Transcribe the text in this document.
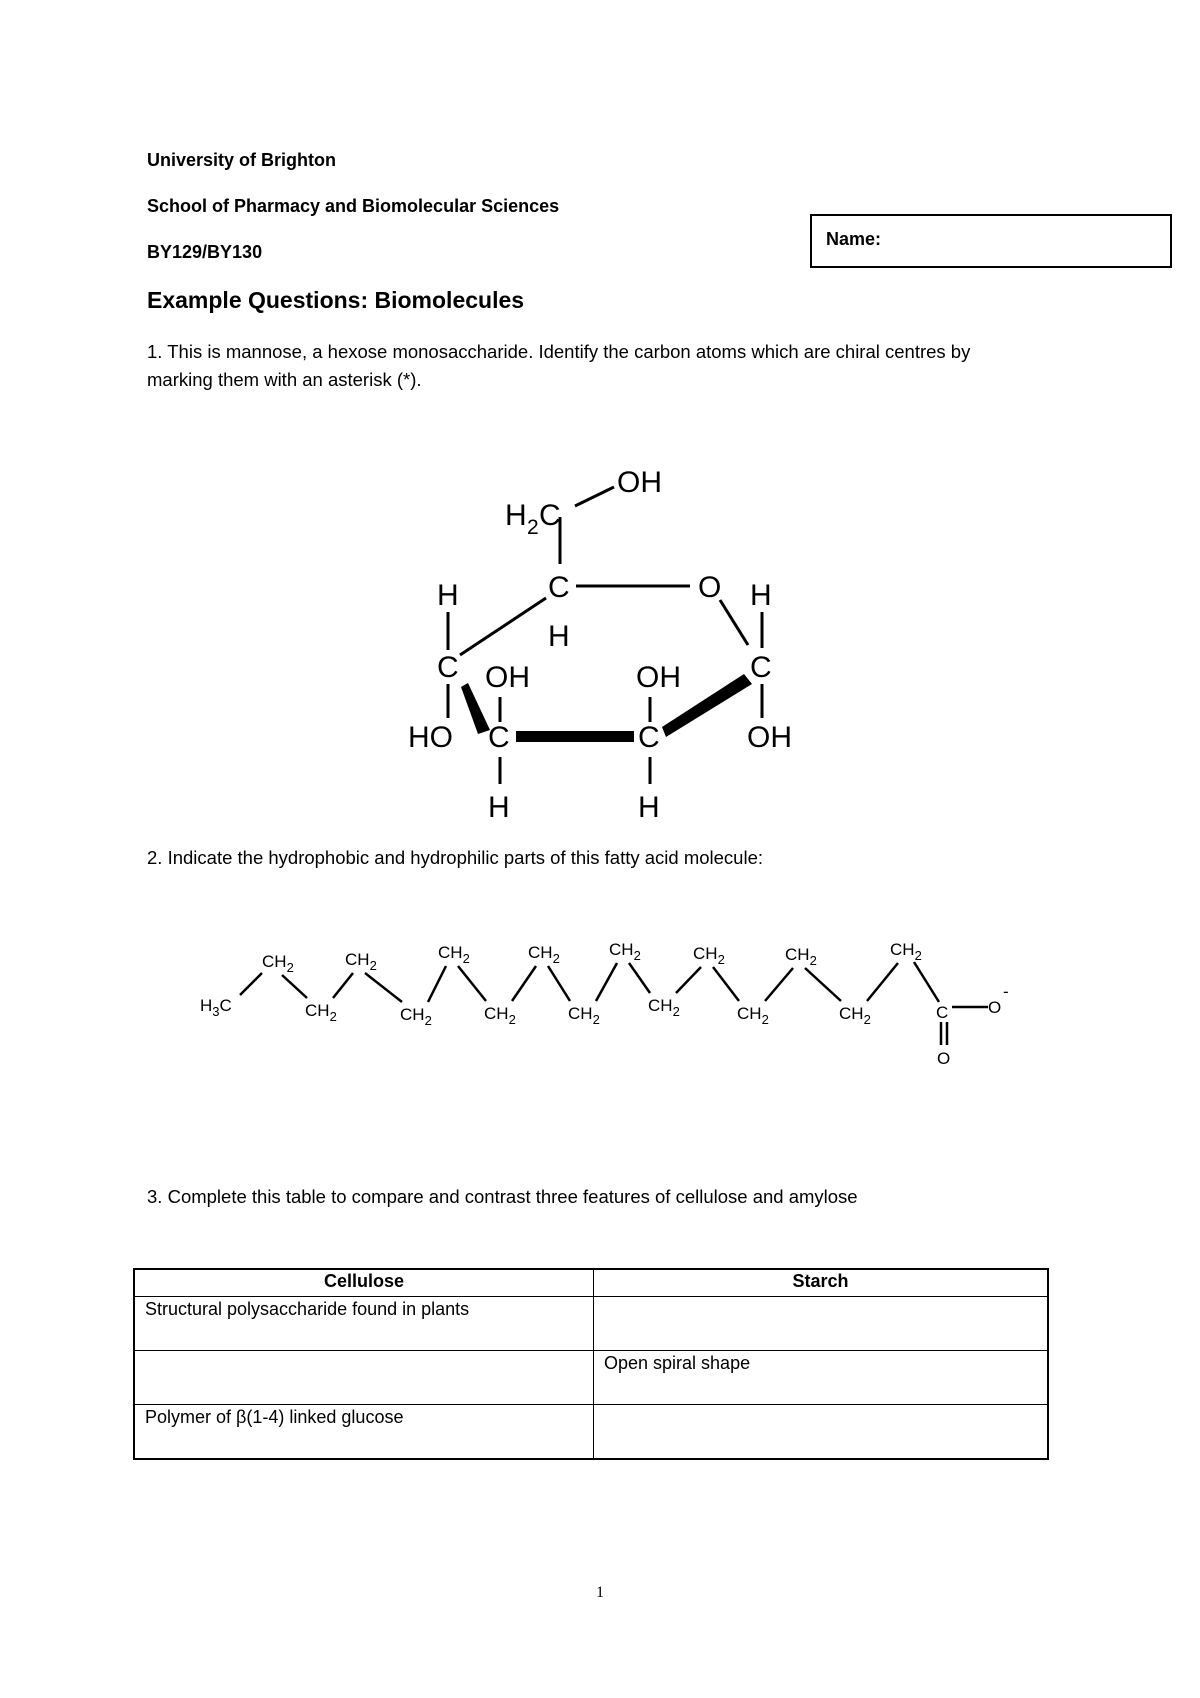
University of Brighton
School of Pharmacy and Biomolecular Sciences
BY129/BY130
Name:
Example Questions: Biomolecules
1. This is mannose, a hexose monosaccharide. Identify the carbon atoms which are chiral centres by
marking them with an asterisk (*).
OH
H 2 C
C
H
O H
H
C OH	OH C
HO C	C	OH
H	H
2. Indicate the hydrophobic and hydrophilic parts of this fatty acid molecule:
$H_3C$
$CH_2$
$CH_2$
$CH_2$
$CH_2$
$CH_2$
$CH_2$
$CH_2$
$CH_2$
$CH_2$
$CH_2$
$CH_2$
$CH_2$
$CH_2$
$CH_2$
$CH_2$
C O
-
O
3. Complete this table to compare and contrast three features of cellulose and amylose
Cellulose	Starch
Structural polysaccharide found in plants	
	Open spiral shape
Polymer of β(1-4) linked glucose	
1
